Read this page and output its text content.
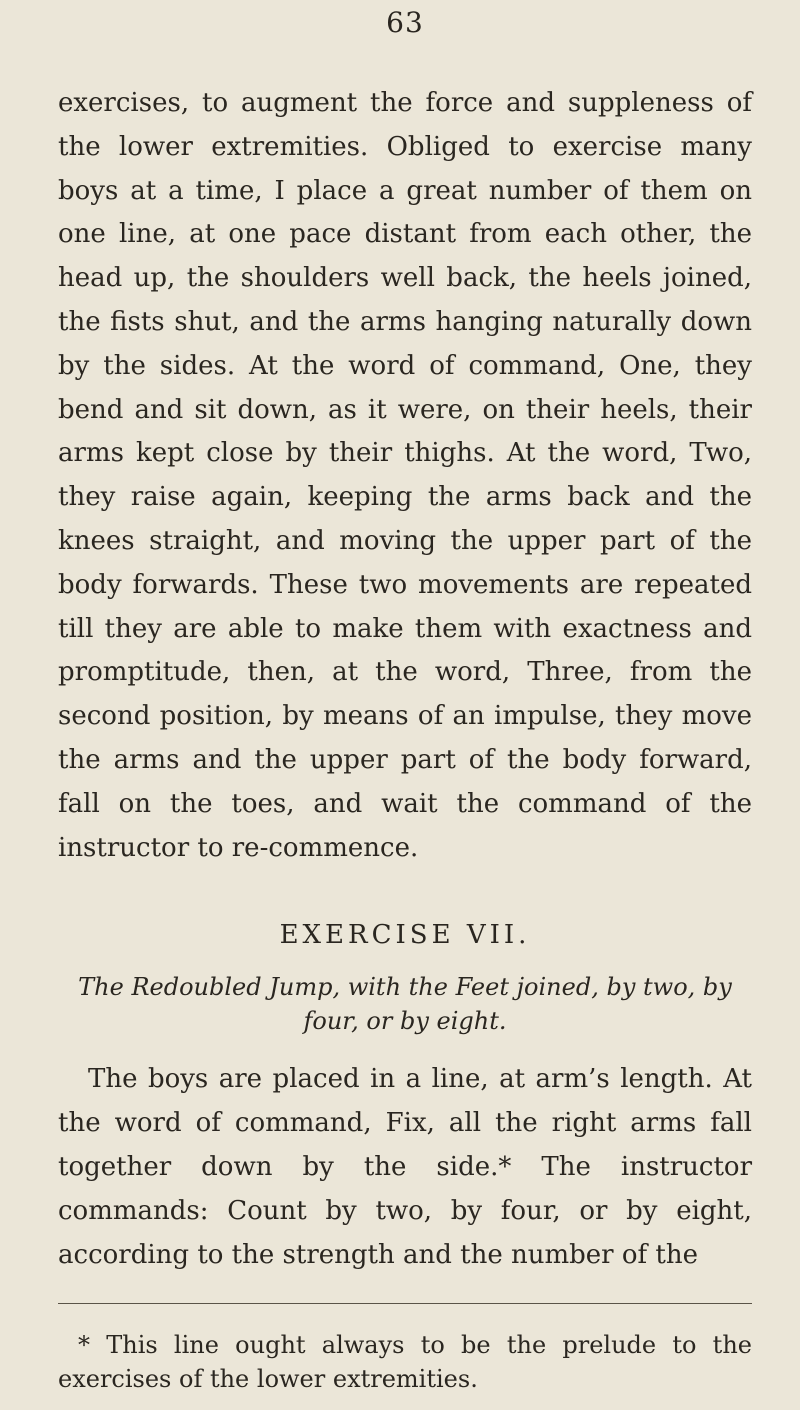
63

exercises, to augment the force and suppleness of the lower extremities. Obliged to exercise many boys at a time, I place a great number of them on one line, at one pace distant from each other, the head up, the shoulders well back, the heels joined, the fists shut, and the arms hanging naturally down by the sides. At the word of command, One, they bend and sit down, as it were, on their heels, their arms kept close by their thighs. At the word, Two, they raise again, keeping the arms back and the knees straight, and moving the upper part of the body forwards. These two movements are repeated till they are able to make them with exactness and promptitude, then, at the word, Three, from the second position, by means of an impulse, they move the arms and the upper part of the body forward, fall on the toes, and wait the command of the instructor to re-commence.

EXERCISE VII.
The Redoubled Jump, with the Feet joined, by two, by four, or by eight.

The boys are placed in a line, at arm’s length. At the word of command, Fix, all the right arms fall together down by the side.* The instructor commands: Count by two, by four, or by eight, according to the strength and the number of the

* This line ought always to be the prelude to the exercises of the lower extremities.
